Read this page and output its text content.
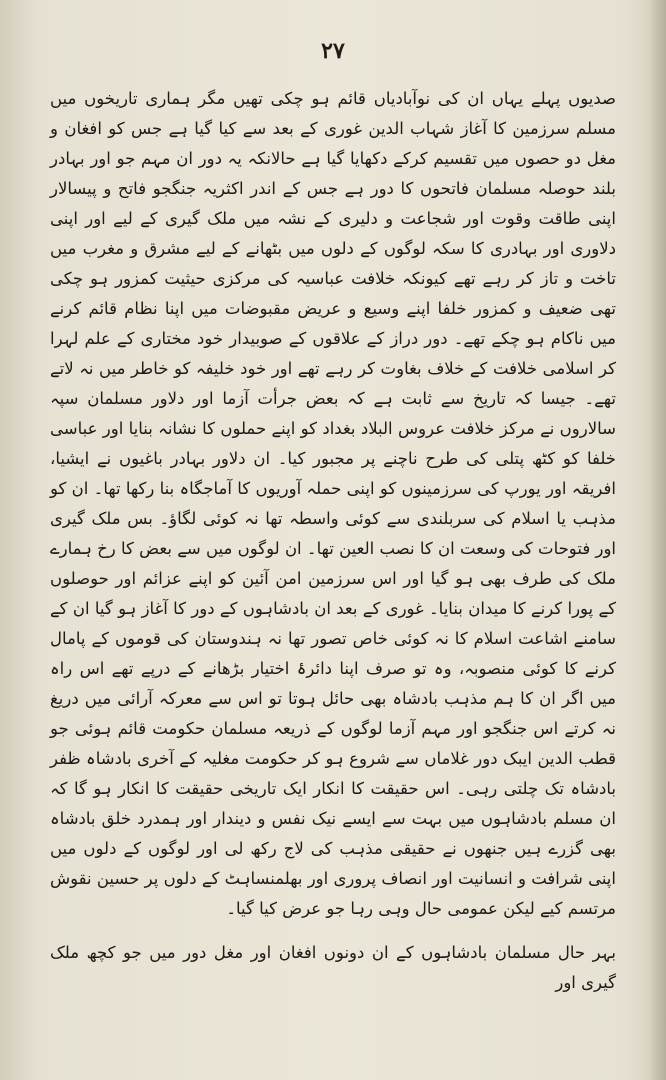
۲۷

صدیوں پہلے یہاں ان کی نوآبادیاں قائم ہو چکی تھیں مگر ہماری تاریخوں میں مسلم سرزمین کا آغاز شہاب الدین غوری کے بعد سے کیا گیا ہے جس کو افغان و مغل دو حصوں میں تقسیم کرکے دکھایا گیا ہے حالانکہ یہ دور ان مہم جو اور بہادر بلند حوصلہ مسلمان فاتحوں کا دور ہے جس کے اندر اکثریہ جنگجو فاتح و پیسالار اپنی طاقت وقوت اور شجاعت و دلیری کے نشہ میں ملک گیری کے لیے اور اپنی دلاوری اور بہادری کا سکہ لوگوں کے دلوں میں بٹھانے کے لیے مشرق و مغرب میں تاخت و تاز کر رہے تھے کیونکہ خلافت عباسیہ کی مرکزی حیثیت کمزور ہو چکی تھی ضعیف و کمزور خلفا اپنے وسیع و عریض مقبوضات میں اپنا نظام قائم کرنے میں ناکام ہو چکے تھے۔ دور دراز کے علاقوں کے صوبیدار خود مختاری کے علم لہرا کر اسلامی خلافت کے خلاف بغاوت کر رہے تھے اور خود خلیفہ کو خاطر میں نہ لاتے تھے۔ جیسا کہ تاریخ سے ثابت ہے کہ بعض جرأت آزما اور دلاور مسلمان سپہ سالاروں نے مرکز خلافت عروس البلاد بغداد کو اپنے حملوں کا نشانہ بنایا اور عباسی خلفا کو کٹھ پتلی کی طرح ناچنے پر مجبور کیا۔ ان دلاور بہادر باغیوں نے ایشیا، افریقہ اور یورپ کی سرزمینوں کو اپنی حملہ آوریوں کا آماجگاہ بنا رکھا تھا۔ ان کو مذہب یا اسلام کی سربلندی سے کوئی واسطہ تھا نہ کوئی لگاؤ۔ بس ملک گیری اور فتوحات کی وسعت ان کا نصب العین تھا۔ ان لوگوں میں سے بعض کا رخ ہمارے ملک کی طرف بھی ہو گیا اور اس سرزمین امن آئین کو اپنے عزائم اور حوصلوں کے پورا کرنے کا میدان بنایا۔ غوری کے بعد ان بادشاہوں کے دور کا آغاز ہو گیا ان کے سامنے اشاعت اسلام کا نہ کوئی خاص تصور تھا نہ ہندوستان کی قوموں کے پامال کرنے کا کوئی منصوبہ، وہ تو صرف اپنا دائرۂ اختیار بڑھانے کے درپے تھے اس راہ میں اگر ان کا ہم مذہب بادشاہ بھی حائل ہوتا تو اس سے معرکہ آرائی میں دریغ نہ کرتے اس جنگجو اور مہم آزما لوگوں کے ذریعہ مسلمان حکومت قائم ہوئی جو قطب الدین ایبک دور غلاماں سے شروع ہو کر حکومت مغلیہ کے آخری بادشاہ ظفر بادشاہ تک چلتی رہی۔ اس حقیقت کا انکار ایک تاریخی حقیقت کا انکار ہو گا کہ ان مسلم بادشاہوں میں بہت سے ایسے نیک نفس و دیندار اور ہمدرد خلق بادشاہ بھی گزرے ہیں جنھوں نے حقیقی مذہب کی لاج رکھ لی اور لوگوں کے دلوں میں اپنی شرافت و انسانیت اور انصاف پروری اور بھلمنساہٹ کے دلوں پر حسین نقوش مرتسم کیے لیکن عمومی حال وہی رہا جو عرض کیا گیا۔

بہر حال مسلمان بادشاہوں کے ان دونوں افغان اور مغل دور میں جو کچھ ملک گیری اور
